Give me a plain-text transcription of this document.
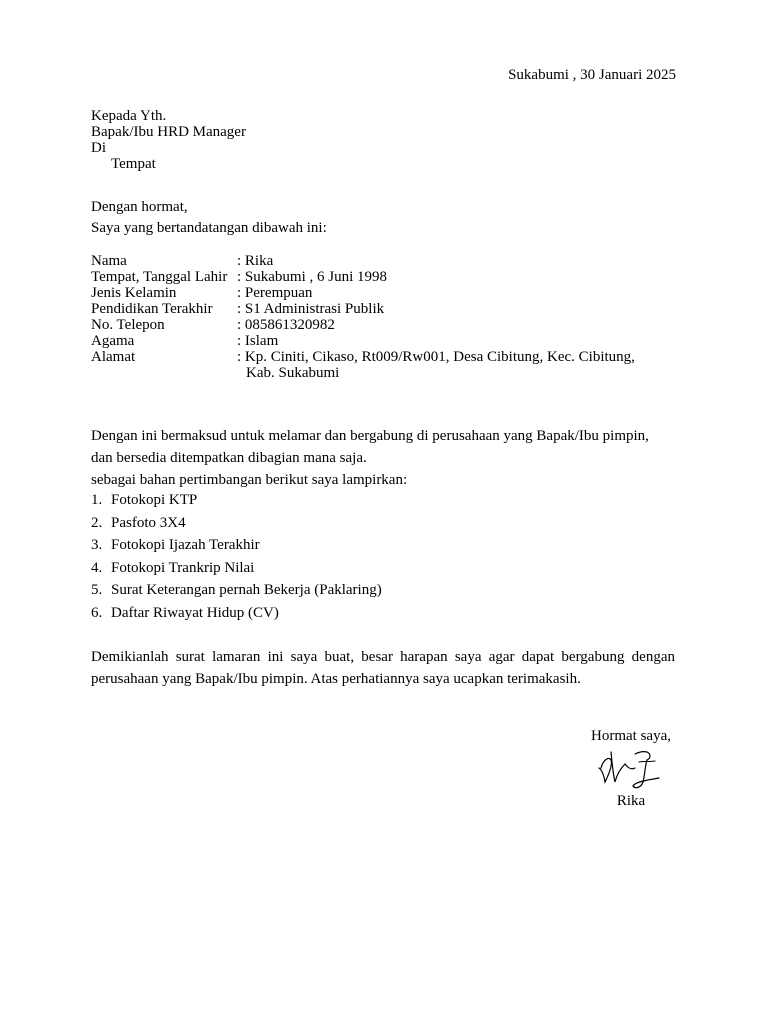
Sukabumi , 30 Januari 2025
Kepada Yth.
Bapak/Ibu HRD Manager
Di
Tempat
Dengan hormat,
Saya yang bertandatangan dibawah ini:
Nama	: Rika
Tempat, Tanggal Lahir	: Sukabumi , 6 Juni 1998
Jenis Kelamin	: Perempuan
Pendidikan Terakhir	: S1 Administrasi Publik
No. Telepon	: 085861320982
Agama	: Islam
Alamat	: Kp. Ciniti, Cikaso, Rt009/Rw001, Desa Cibitung, Kec. Cibitung,
Kab. Sukabumi
Dengan ini bermaksud untuk melamar dan bergabung di perusahaan yang Bapak/Ibu pimpin,
dan bersedia ditempatkan dibagian mana saja.
sebagai bahan pertimbangan berikut saya lampirkan:
1. Fotokopi KTP
2. Pasfoto 3X4
3. Fotokopi Ijazah Terakhir
4. Fotokopi Trankrip Nilai
5. Surat Keterangan pernah Bekerja (Paklaring)
6. Daftar Riwayat Hidup (CV)
Demikianlah surat lamaran ini saya buat, besar harapan saya agar dapat bergabung dengan perusahaan yang Bapak/Ibu pimpin. Atas perhatiannya saya ucapkan terimakasih.
Hormat saya,
Rika
